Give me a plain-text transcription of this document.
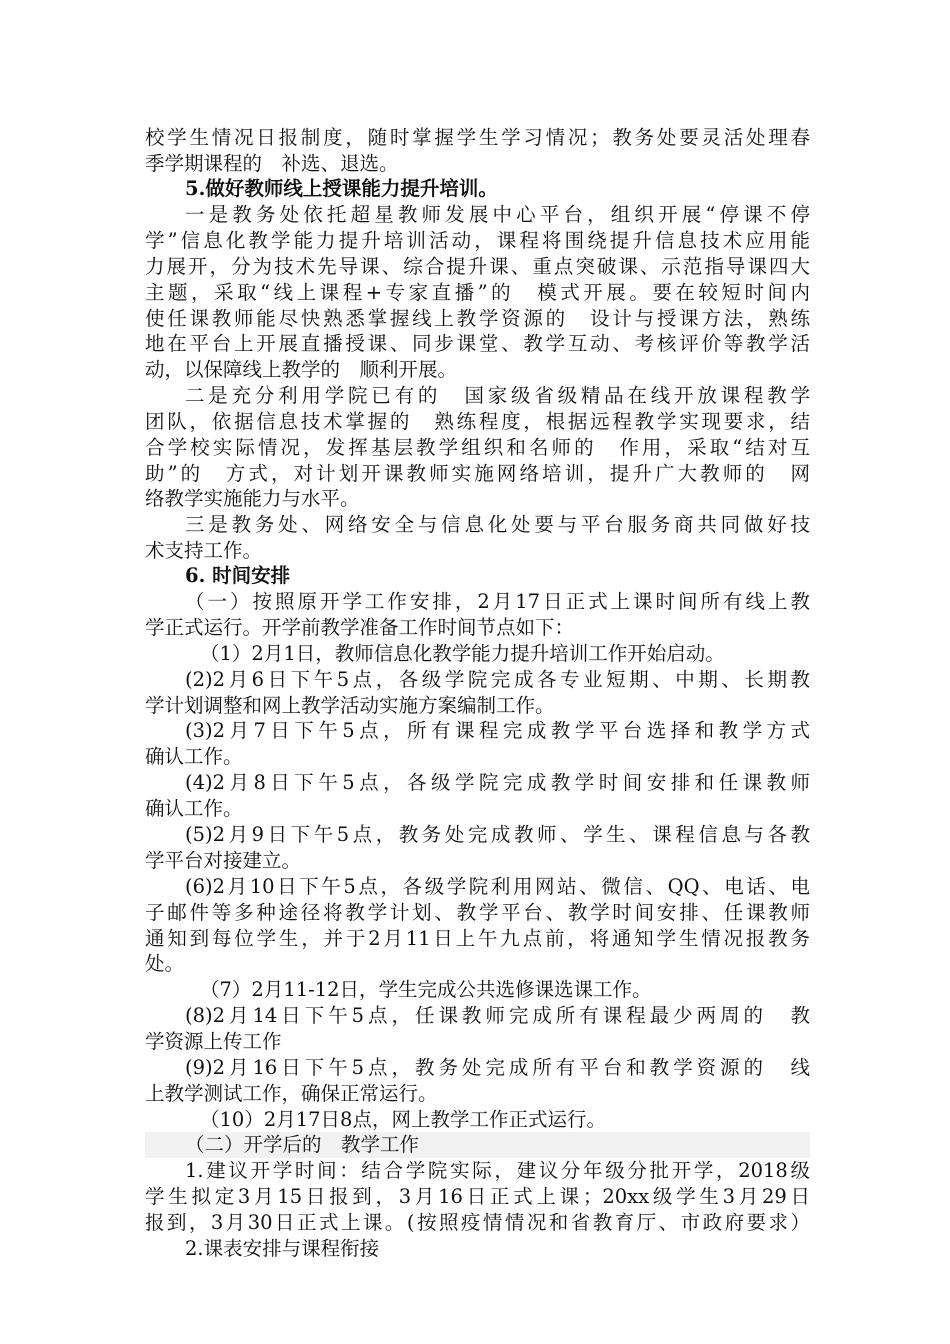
校学生情况日报制度，随时掌握学生学习情况；教务处要灵活处理春
季学期课程的　补选、退选。
5.做好教师线上授课能力提升培训。
一是教务处依托超星教师发展中心平台，组织开展“停课不停
学”信息化教学能力提升培训活动，课程将围绕提升信息技术应用能
力展开，分为技术先导课、综合提升课、重点突破课、示范指导课四大
主题，采取“线上课程+专家直播”的　模式开展。要在较短时间内
使任课教师能尽快熟悉掌握线上教学资源的　设计与授课方法，熟练
地在平台上开展直播授课、同步课堂、教学互动、考核评价等教学活
动，以保障线上教学的　顺利开展。
二是充分利用学院已有的　国家级省级精品在线开放课程教学
团队，依据信息技术掌握的　熟练程度，根据远程教学实现要求，结
合学校实际情况，发挥基层教学组织和名师的　作用，采取“结对互
助”的　方式，对计划开课教师实施网络培训，提升广大教师的　网
络教学实施能力与水平。
三是教务处、网络安全与信息化处要与平台服务商共同做好技
术支持工作。
6. 时间安排
（一）按照原开学工作安排，2月17日正式上课时间所有线上教
学正式运行。开学前教学准备工作时间节点如下：
（1）2月1日，教师信息化教学能力提升培训工作开始启动。
(2)2月6日下午5点，各级学院完成各专业短期、中期、长期教
学计划调整和网上教学活动实施方案编制工作。
(3)2月7日下午5点，所有课程完成教学平台选择和教学方式
确认工作。
(4)2月8日下午5点，各级学院完成教学时间安排和任课教师
确认工作。
(5)2月9日下午5点，教务处完成教师、学生、课程信息与各教
学平台对接建立。
(6)2月10日下午5点，各级学院利用网站、微信、QQ、电话、电
子邮件等多种途径将教学计划、教学平台、教学时间安排、任课教师
通知到每位学生，并于2月11日上午九点前，将通知学生情况报教务
处。
（7）2月11-12日，学生完成公共选修课选课工作。
(8)2月14日下午5点，任课教师完成所有课程最少两周的　教
学资源上传工作
(9)2月16日下午5点，教务处完成所有平台和教学资源的　线
上教学测试工作，确保正常运行。
（10）2月17日8点，网上教学工作正式运行。
（二）开学后的　教学工作
1.建议开学时间：结合学院实际，建议分年级分批开学，2018级
学生拟定3月15日报到，3月16日正式上课；20xx级学生3月29日
报到，3月30日正式上课。(按照疫情情况和省教育厅、市政府要求）
2.课表安排与课程衔接
